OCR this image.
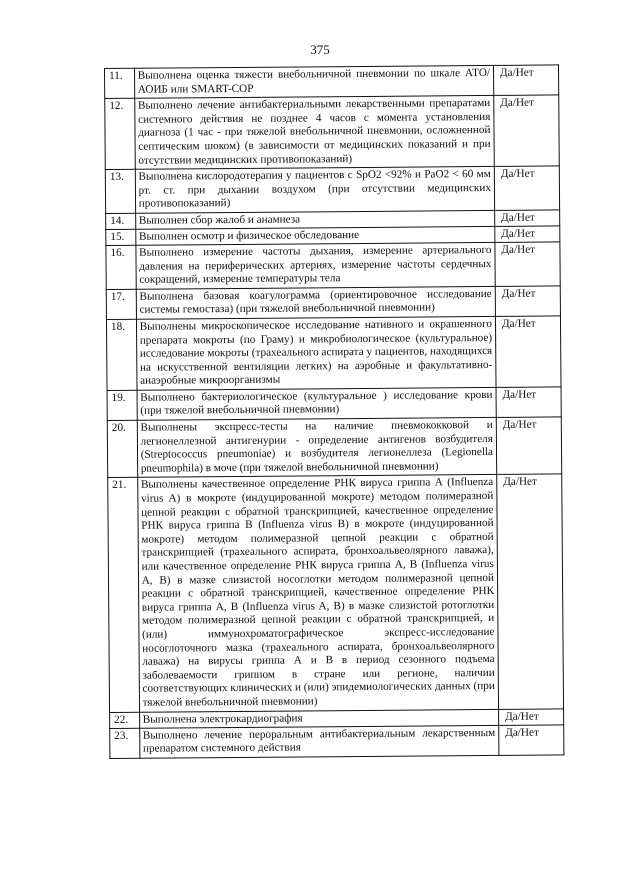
375
11.	Выполнена оценка тяжести внебольничной пневмонии по шкале АТО/АОИБ или SMART-COP	Да/Нет
12.	Выполнено лечение антибактериальными лекарственными препаратами системного действия не позднее 4 часов с момента установления диагноза (1 час - при тяжелой внебольничной пневмонии, осложненной септическим шоком) (в зависимости от медицинских показаний и при отсутствии медицинских противопоказаний)	Да/Нет
13.	Выполнена кислородотерапия у пациентов с SpO2 <92% и PaO2 < 60 мм рт. ст. при дыхании воздухом (при отсутствии медицинских противопоказаний)	Да/Нет
14.	Выполнен сбор жалоб и анамнеза	Да/Нет
15.	Выполнен осмотр и физическое обследование	Да/Нет
16.	Выполнено измерение частоты дыхания, измерение артериального давления на периферических артериях, измерение частоты сердечных сокращений, измерение температуры тела	Да/Нет
17.	Выполнена базовая коагулограмма (ориентировочное исследование системы гемостаза) (при тяжелой внебольничной пневмонии)	Да/Нет
18.	Выполнены микроскопическое исследование нативного и окрашенного препарата мокроты (по Граму) и микробиологическое (культуральное) исследование мокроты (трахеального аспирата у пациентов, находящихся на искусственной вентиляции легких) на аэробные и факультативно-анаэробные микроорганизмы	Да/Нет
19.	Выполнено бактериологическое (культуральное ) исследование крови (при тяжелой внебольничной пневмонии)	Да/Нет
20.	Выполнены экспресс-тесты на наличие пневмококковой и легионеллезной антигенурии - определение антигенов возбудителя (Streptococcus pneumoniae) и возбудителя легионеллеза (Legionella pneumophila) в моче (при тяжелой внебольничной пневмонии)	Да/Нет
21.	Выполнены качественное определение РНК вируса гриппа А (Influenza virus A) в мокроте (индуцированной мокроте) методом полимеразной цепной реакции с обратной транскрипцией, качественное определение РНК вируса гриппа В (Influenza virus B) в мокроте (индуцированной мокроте) методом полимеразной цепной реакции с обратной транскрипцией (трахеального аспирата, бронхоальвеолярного лаважа), или качественное определение РНК вируса гриппа А, В (Influenza virus A, B) в мазке слизистой носоглотки методом полимеразной цепной реакции с обратной транскрипцией, качественное определение РНК вируса гриппа А, В (Influenza virus A, B) в мазке слизистой ротоглотки методом полимеразной цепной реакции с обратной транскрипцией, и (или) иммунохроматографическое экспресс-исследование носоглоточного мазка (трахеального аспирата, бронхоальвеолярного лаважа) на вирусы гриппа А и В в период сезонного подъема заболеваемости гриппом в стране или регионе, наличии соответствующих клинических и (или) эпидемиологических данных (при тяжелой внебольничной пневмонии)	Да/Нет
22.	Выполнена электрокардиография	Да/Нет
23.	Выполнено лечение пероральным антибактериальным лекарственным препаратом системного действия	Да/Нет
